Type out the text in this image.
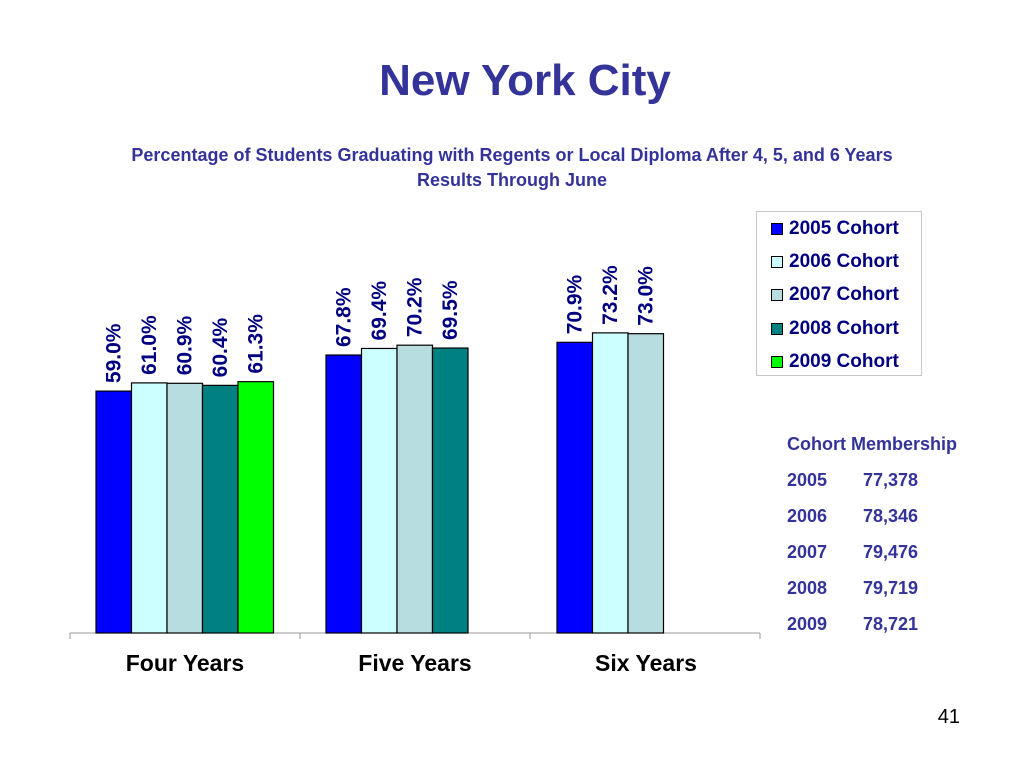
New York City
Percentage of Students Graduating with Regents or Local Diploma After 4, 5, and 6 Years
Results Through June
59.0% 61.0% 60.9% 60.4% 61.3%
Four Years
67.8% 69.4% 70.2% 69.5%
Five Years
70.9% 73.2% 73.0%
Six Years
2005 Cohort
2006 Cohort
2007 Cohort
2008 Cohort
2009 Cohort
Cohort Membership
2005 77,378
2006 78,346
2007 79,476
2008 79,719
2009 78,721
41
